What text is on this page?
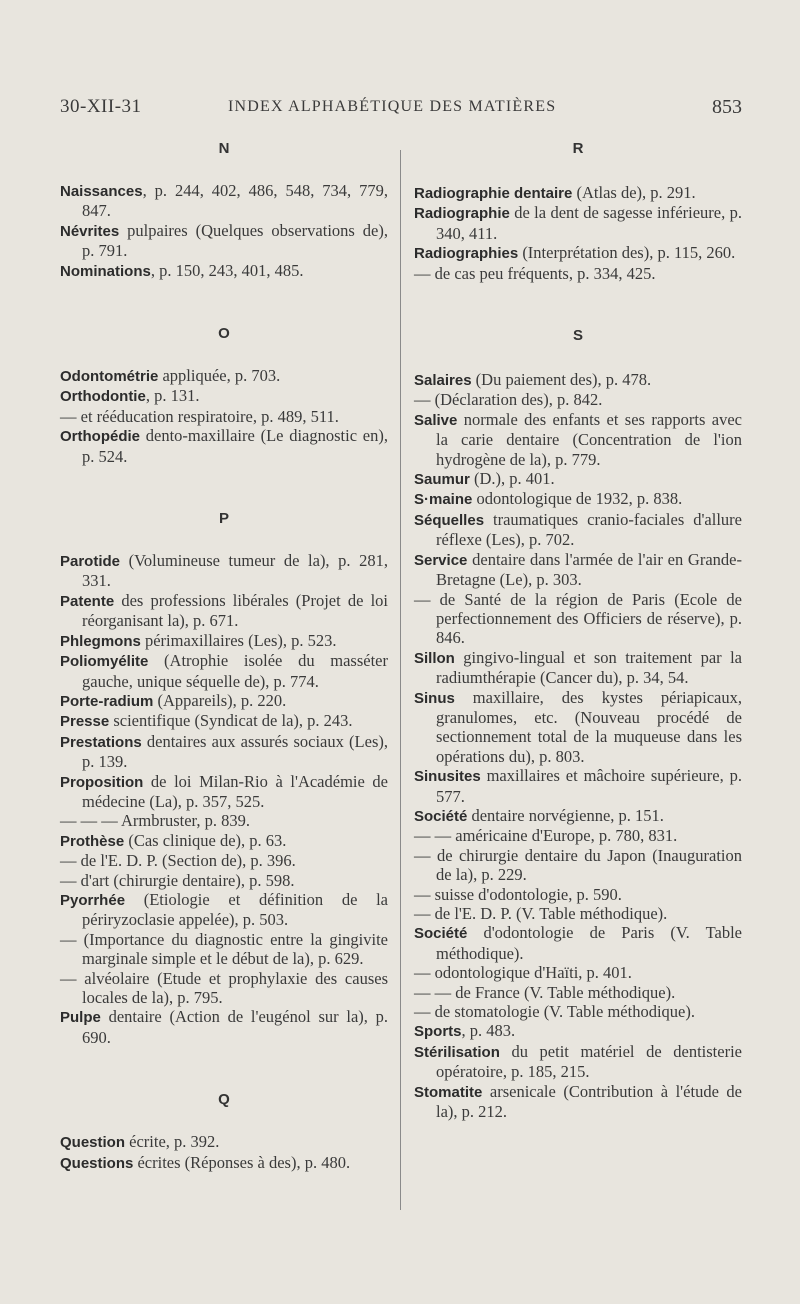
30-XII-31	INDEX ALPHABÉTIQUE DES MATIÈRES	853
N
Naissances, p. 244, 402, 486, 548, 734, 779, 847.
Névrites pulpaires (Quelques observations de), p. 791.
Nominations, p. 150, 243, 401, 485.
O
Odontométrie appliquée, p. 703.
Orthodontie, p. 131.
— et rééducation respiratoire, p. 489, 511.
Orthopédie dento-maxillaire (Le diagnostic en), p. 524.
P
Parotide (Volumineuse tumeur de la), p. 281, 331.
Patente des professions libérales (Projet de loi réorganisant la), p. 671.
Phlegmons périmaxillaires (Les), p. 523.
Poliomyélite (Atrophie isolée du masséter gauche, unique séquelle de), p. 774.
Porte-radium (Appareils), p. 220.
Presse scientifique (Syndicat de la), p. 243.
Prestations dentaires aux assurés sociaux (Les), p. 139.
Proposition de loi Milan-Rio à l'Académie de médecine (La), p. 357, 525.
— — — Armbruster, p. 839.
Prothèse (Cas clinique de), p. 63.
— de l'E. D. P. (Section de), p. 396.
— d'art (chirurgie dentaire), p. 598.
Pyorrhée (Etiologie et définition de la périryzoclasie appelée), p. 503.
— (Importance du diagnostic entre la gingivite marginale simple et le début de la), p. 629.
— alvéolaire (Etude et prophylaxie des causes locales de la), p. 795.
Pulpe dentaire (Action de l'eugénol sur la), p. 690.
Q
Question écrite, p. 392.
Questions écrites (Réponses à des), p. 480.
R
Radiographie dentaire (Atlas de), p. 291.
Radiographie de la dent de sagesse inférieure, p. 340, 411.
Radiographies (Interprétation des), p. 115, 260.
— de cas peu fréquents, p. 334, 425.
S
Salaires (Du paiement des), p. 478.
— (Déclaration des), p. 842.
Salive normale des enfants et ses rapports avec la carie dentaire (Concentration de l'ion hydrogène de la), p. 779.
Saumur (D.), p. 401.
S·maine odontologique de 1932, p. 838.
Séquelles traumatiques cranio-faciales d'allure réflexe (Les), p. 702.
Service dentaire dans l'armée de l'air en Grande-Bretagne (Le), p. 303.
— de Santé de la région de Paris (Ecole de perfectionnement des Officiers de réserve), p. 846.
Sillon gingivo-lingual et son traitement par la radiumthérapie (Cancer du), p. 34, 54.
Sinus maxillaire, des kystes périapicaux, granulomes, etc. (Nouveau procédé de sectionnement total de la muqueuse dans les opérations du), p. 803.
Sinusites maxillaires et mâchoire supérieure, p. 577.
Société dentaire norvégienne, p. 151.
— — américaine d'Europe, p. 780, 831.
— de chirurgie dentaire du Japon (Inauguration de la), p. 229.
— suisse d'odontologie, p. 590.
— de l'E. D. P. (V. Table méthodique).
Société d'odontologie de Paris (V. Table méthodique).
— odontologique d'Haïti, p. 401.
— — de France (V. Table méthodique).
— de stomatologie (V. Table méthodique).
Sports, p. 483.
Stérilisation du petit matériel de dentisterie opératoire, p. 185, 215.
Stomatite arsenicale (Contribution à l'étude de la), p. 212.
